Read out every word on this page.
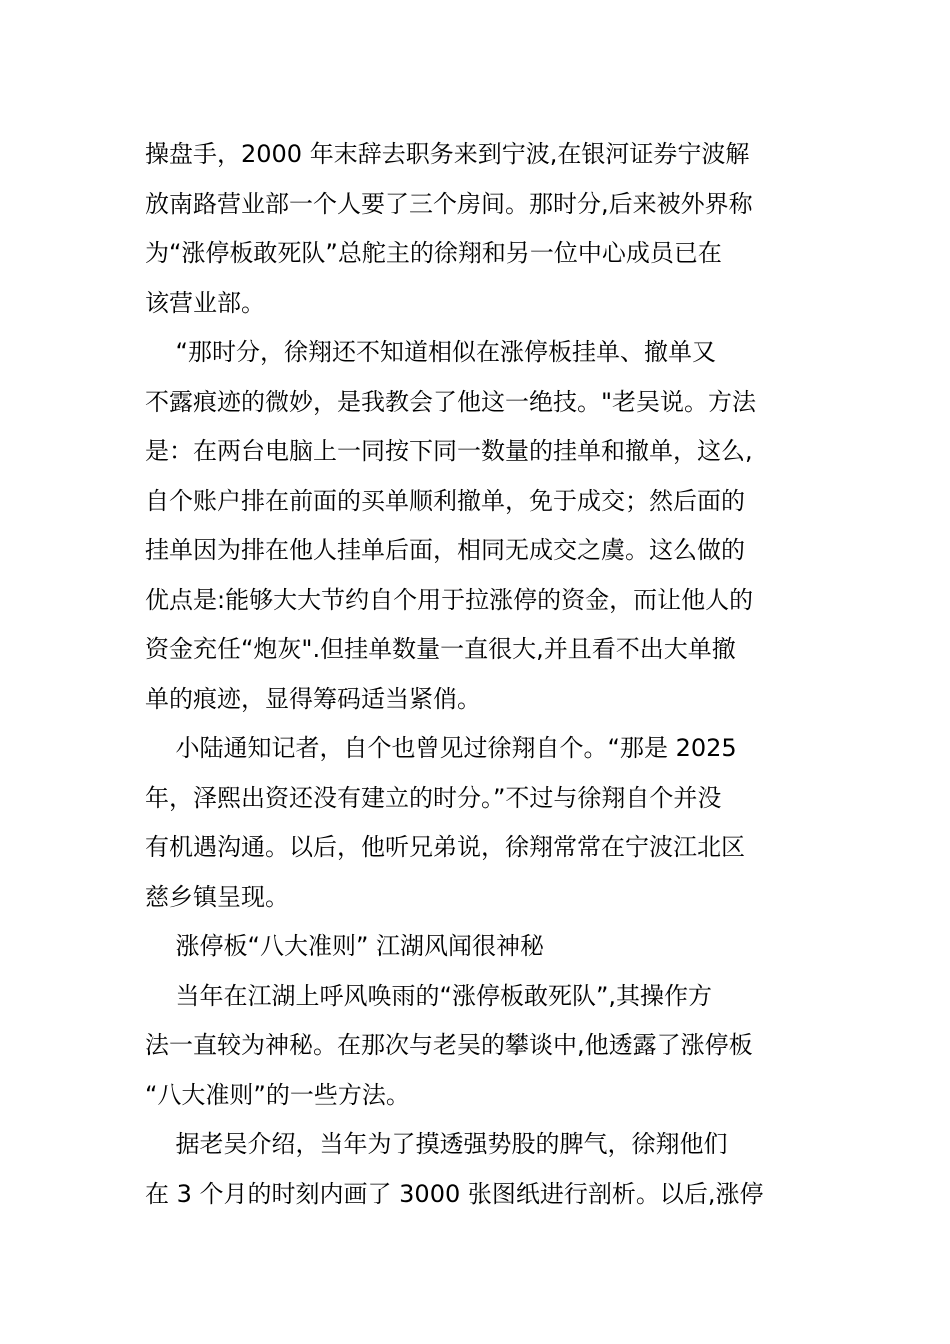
操盘手，2000 年末辞去职务来到宁波,在银河证券宁波解
放南路营业部一个人要了三个房间。那时分,后来被外界称
为“涨停板敢死队”总舵主的徐翔和另一位中心成员已在
该营业部。
“那时分，徐翔还不知道相似在涨停板挂单、撤单又
不露痕迹的微妙，是我教会了他这一绝技。"老吴说。方法
是：在两台电脑上一同按下同一数量的挂单和撤单，这么,
自个账户排在前面的买单顺利撤单，免于成交；然后面的
挂单因为排在他人挂单后面，相同无成交之虞。这么做的
优点是:能够大大节约自个用于拉涨停的资金，而让他人的
资金充任“炮灰".但挂单数量一直很大,并且看不出大单撤
单的痕迹，显得筹码适当紧俏。
小陆通知记者，自个也曾见过徐翔自个。“那是 2025
年，泽熙出资还没有建立的时分。”不过与徐翔自个并没
有机遇沟通。以后，他听兄弟说，徐翔常常在宁波江北区
慈乡镇呈现。
涨停板“八大准则” 江湖风闻很神秘
当年在江湖上呼风唤雨的“涨停板敢死队”,其操作方
法一直较为神秘。在那次与老吴的攀谈中,他透露了涨停板
“八大准则”的一些方法。
据老吴介绍，当年为了摸透强势股的脾气，徐翔他们
在 3 个月的时刻内画了 3000 张图纸进行剖析。以后,涨停
